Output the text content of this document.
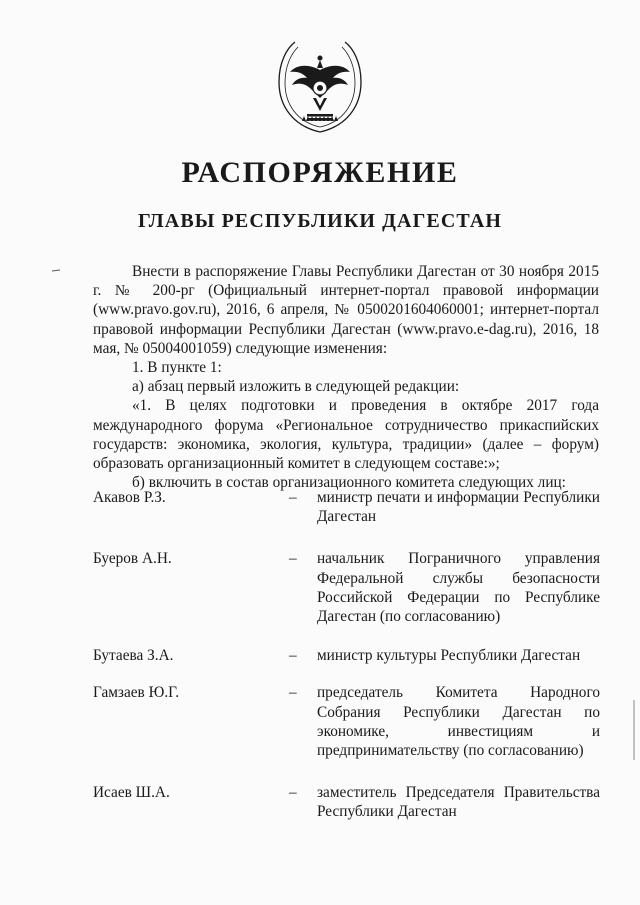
РАСПОРЯЖЕНИЕ
ГЛАВЫ РЕСПУБЛИКИ ДАГЕСТАН

Внести в распоряжение Главы Республики Дагестан от 30 ноября 2015 г. № 200-рг (Официальный интернет-портал правовой информации (www.pravo.gov.ru), 2016, 6 апреля, № 0500201604060001; интернет-портал правовой информации Республики Дагестан (www.pravo.e-dag.ru), 2016, 18 мая, № 05004001059) следующие изменения:

1. В пункте 1:

а) абзац первый изложить в следующей редакции:

«1. В целях подготовки и проведения в октябре 2017 года международного форума «Региональное сотрудничество прикаспийских государств: экономика, экология, культура, традиции» (далее – форум) образовать организационный комитет в следующем составе:»;

б) включить в состав организационного комитета следующих лиц:

Акавов Р.З.	–	министр печати и информации Республики Дагестан
Буеров А.Н.	–	начальник Пограничного управления Федеральной службы безопасности Российской Федерации по Республике Дагестан (по согласованию)
Бутаева З.А.	–	министр культуры Республики Дагестан
Гамзаев Ю.Г.	–	председатель Комитета Народного Собрания Республики Дагестан по экономике, инвестициям и предпринимательству (по согласованию)
Исаев Ш.А.	–	заместитель Председателя Правительства Республики Дагестан
